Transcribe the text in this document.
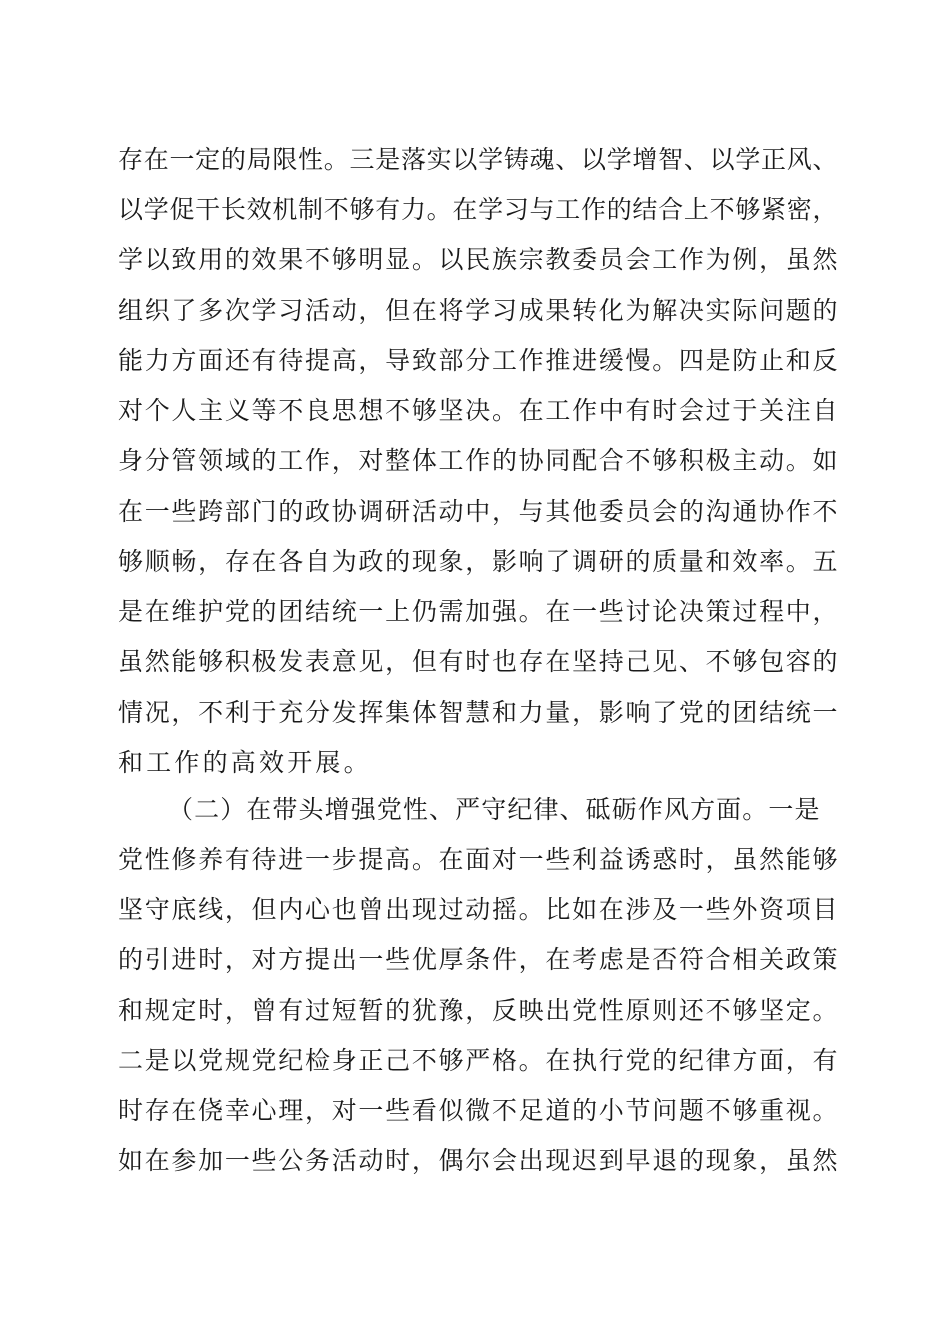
存在一定的局限性。三是落实以学铸魂、以学增智、以学正风、
以学促干长效机制不够有力。在学习与工作的结合上不够紧密，
学以致用的效果不够明显。以民族宗教委员会工作为例，虽然
组织了多次学习活动，但在将学习成果转化为解决实际问题的
能力方面还有待提高，导致部分工作推进缓慢。四是防止和反
对个人主义等不良思想不够坚决。在工作中有时会过于关注自
身分管领域的工作，对整体工作的协同配合不够积极主动。如
在一些跨部门的政协调研活动中，与其他委员会的沟通协作不
够顺畅，存在各自为政的现象，影响了调研的质量和效率。五
是在维护党的团结统一上仍需加强。在一些讨论决策过程中，
虽然能够积极发表意见，但有时也存在坚持己见、不够包容的
情况，不利于充分发挥集体智慧和力量，影响了党的团结统一
和工作的高效开展。
（二）在带头增强党性、严守纪律、砥砺作风方面。一是
党性修养有待进一步提高。在面对一些利益诱惑时，虽然能够
坚守底线，但内心也曾出现过动摇。比如在涉及一些外资项目
的引进时，对方提出一些优厚条件，在考虑是否符合相关政策
和规定时，曾有过短暂的犹豫，反映出党性原则还不够坚定。
二是以党规党纪检身正己不够严格。在执行党的纪律方面，有
时存在侥幸心理，对一些看似微不足道的小节问题不够重视。
如在参加一些公务活动时，偶尔会出现迟到早退的现象，虽然
